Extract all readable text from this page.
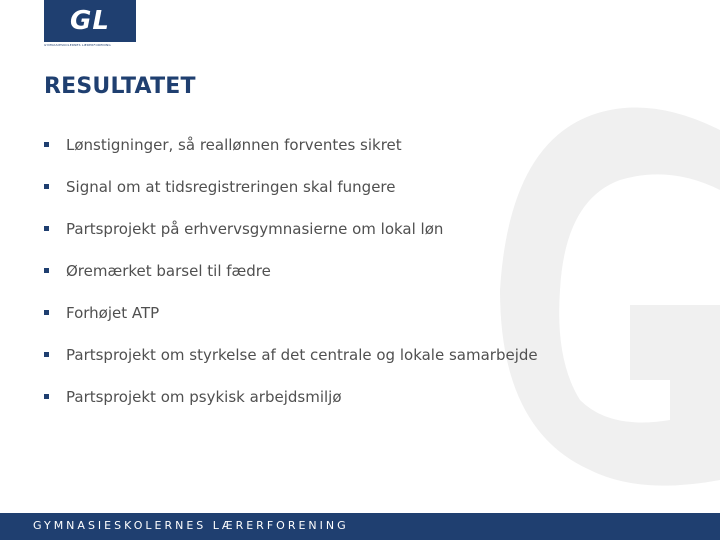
GL
GYMNASIESKOLERNES LÆRERFORENING
RESULTATET
Lønstigninger, så reallønnen forventes sikret
Signal om at tidsregistreringen skal fungere
Partsprojekt på erhvervsgymnasierne om lokal løn
Øremærket barsel til fædre
Forhøjet ATP
Partsprojekt om styrkelse af det centrale og lokale samarbejde
Partsprojekt om psykisk arbejdsmiljø
GYMNASIESKOLERNES LÆRERFORENING
